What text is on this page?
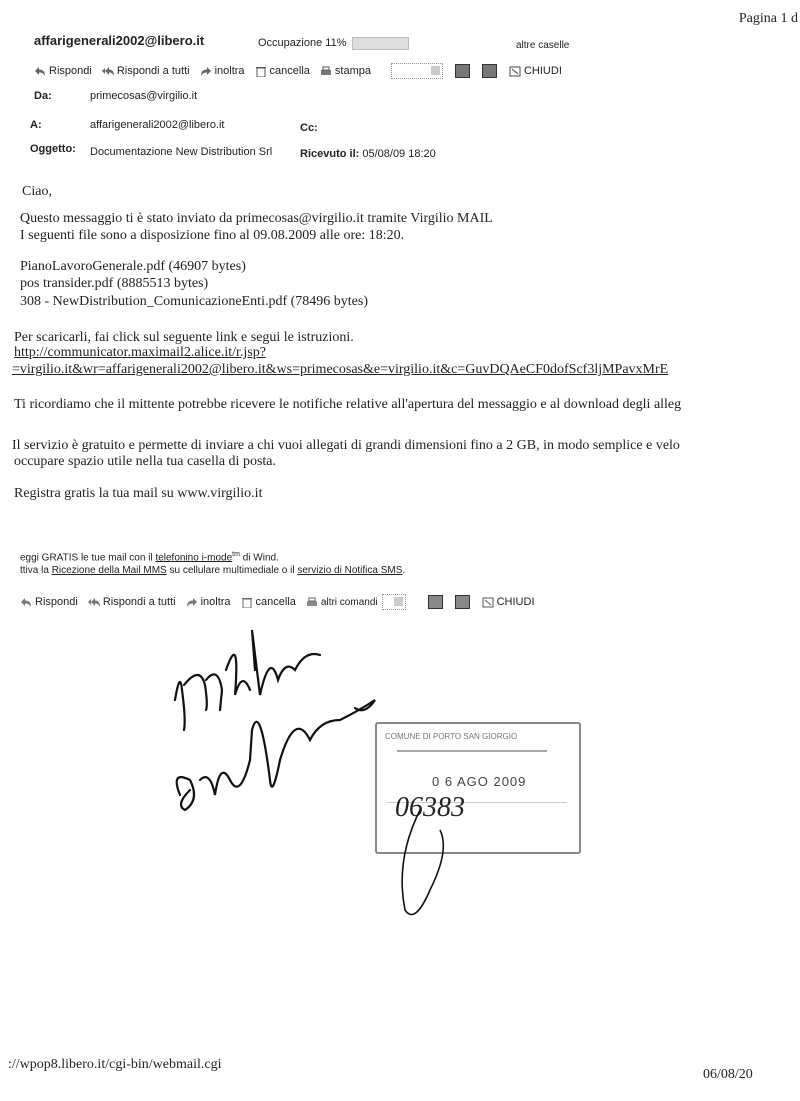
Pagina 1 d
affarigenerali2002@libero.it	Occupazione 11%	altre caselle
Rispondi Rispondi a tutti inoltra cancella stampa	CHIUDI
Da:	primecosas@virgilio.it
A:	affarigenerali2002@libero.it	Cc:
Oggetto: Documentazione New Distribution Srl	Ricevuto il: 05/08/09 18:20
Ciao,
Questo messaggio ti è stato inviato da primecosas@virgilio.it tramite Virgilio MAIL
I seguenti file sono a disposizione fino al 09.08.2009 alle ore: 18:20.
PianoLavoroGenerale.pdf (46907 bytes)
pos transider.pdf (8885513 bytes)
308 - NewDistribution_ComunicazioneEnti.pdf (78496 bytes)
Per scaricarli, fai click sul seguente link e segui le istruzioni.
http://communicator.maximail2.alice.it/r.jsp?
=virgilio.it&wr=affarigenerali2002@libero.it&ws=primecosas&e=virgilio.it&c=GuvDQAeCF0dofScf3ljMPavxMrE
Ti ricordiamo che il mittente potrebbe ricevere le notifiche relative all'apertura del messaggio e al download degli alleg
Il servizio è gratuito e permette di inviare a chi vuoi allegati di grandi dimensioni fino a 2 GB, in modo semplice e velo
occupare spazio utile nella tua casella di posta.
Registra gratis la tua mail su www.virgilio.it
eggi GRATIS le tue mail con il telefonino i-mode$^{tm}$ di Wind.
ttiva la Ricezione della Mail MMS su cellulare multimediale o il servizio di Notifica SMS.
Rispondi Rispondi a tutti inoltra cancella	altri comandi	CHIUDI
COMUNE DI PORTO SAN GIORGIO
0 6 AGO 2009
06383
://wpop8.libero.it/cgi-bin/webmail.cgi
06/08/20
